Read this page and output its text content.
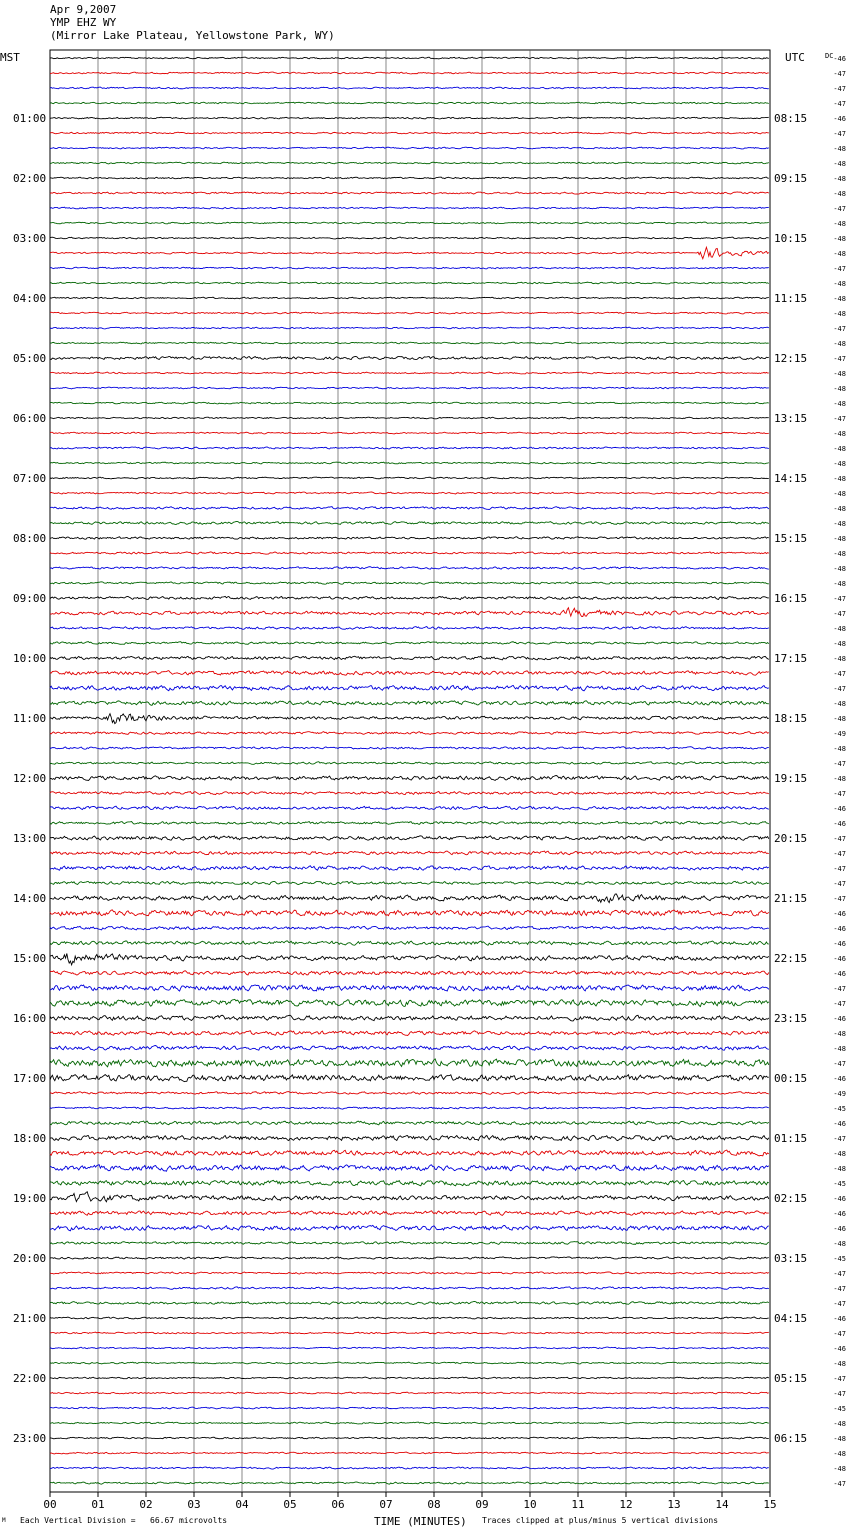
Apr 9,2007
YMP EHZ WY
(Mirror Lake Plateau, Yellowstone Park, WY)
-46
-47
-47
-47
-46
-47
-48
-48
-48
-48
-47
-48
-48
-48
-47
-48
-48
-48
-47
-48
-47
-48
-48
-48
-47
-48
-48
-48
-48
-48
-48
-48
-48
-48
-48
-48
-47
-47
-48
-48
-48
-47
-47
-48
-48
-49
-48
-47
-48
-47
-46
-46
-47
-47
-47
-47
-47
-46
-46
-46
-46
-46
-47
-47
-46
-48
-48
-47
-46
-49
-45
-46
-47
-48
-48
-45
-46
-46
-46
-48
-45
-47
-47
-47
-46
-47
-46
-48
-47
-47
-45
-48
-48
-48
-48
-47
DC
MST	UTC
01:00
02:00
03:00
04:00
05:00
06:00
07:00
08:00
09:00
10:00
11:00
12:00
13:00
14:00
15:00
16:00
17:00
18:00
19:00
20:00
21:00
22:00
23:00
08:15
09:15
10:15
11:15
12:15
13:15
14:15
15:15
16:15
17:15
18:15
19:15
20:15
21:15
22:15
23:15
00:15
01:15
02:15
03:15
04:15
05:15
06:15
00	01	02	03	04	05	06	07	08	09	10	11	12	13	14	15
TIME (MINUTES)
M Each Vertical Division =   66.67 microvolts	Traces clipped at plus/minus 5 vertical divisions
